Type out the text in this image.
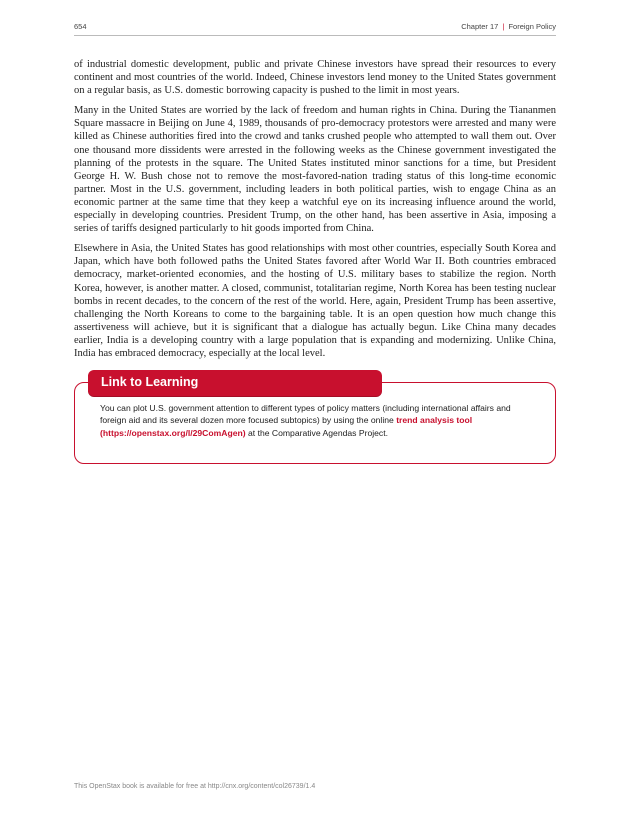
654	Chapter 17 | Foreign Policy

of industrial domestic development, public and private Chinese investors have spread their resources to every continent and most countries of the world. Indeed, Chinese investors lend money to the United States government on a regular basis, as U.S. domestic borrowing capacity is pushed to the limit in most years.

Many in the United States are worried by the lack of freedom and human rights in China. During the Tiananmen Square massacre in Beijing on June 4, 1989, thousands of pro-democracy protestors were arrested and many were killed as Chinese authorities fired into the crowd and tanks crushed people who attempted to wall them out. Over one thousand more dissidents were arrested in the following weeks as the Chinese government investigated the planning of the protests in the square. The United States instituted minor sanctions for a time, but President George H. W. Bush chose not to remove the most-favored-nation trading status of this long-time economic partner. Most in the U.S. government, including leaders in both political parties, wish to engage China as an economic partner at the same time that they keep a watchful eye on its increasing influence around the world, especially in developing countries. President Trump, on the other hand, has been assertive in Asia, imposing a series of tariffs designed particularly to hit goods imported from China.

Elsewhere in Asia, the United States has good relationships with most other countries, especially South Korea and Japan, which have both followed paths the United States favored after World War II. Both countries embraced democracy, market-oriented economies, and the hosting of U.S. military bases to stabilize the region. North Korea, however, is another matter. A closed, communist, totalitarian regime, North Korea has been testing nuclear bombs in recent decades, to the concern of the rest of the world. Here, again, President Trump has been assertive, challenging the North Koreans to come to the bargaining table. It is an open question how much change this assertiveness will achieve, but it is significant that a dialogue has actually begun. Like China many decades earlier, India is a developing country with a large population that is expanding and modernizing. Unlike China, India has embraced democracy, especially at the local level.

Link to Learning
You can plot U.S. government attention to different types of policy matters (including international affairs and foreign aid and its several dozen more focused subtopics) by using the online trend analysis tool (https://openstax.org/l/29ComAgen) at the Comparative Agendas Project.
This OpenStax book is available for free at http://cnx.org/content/col26739/1.4
